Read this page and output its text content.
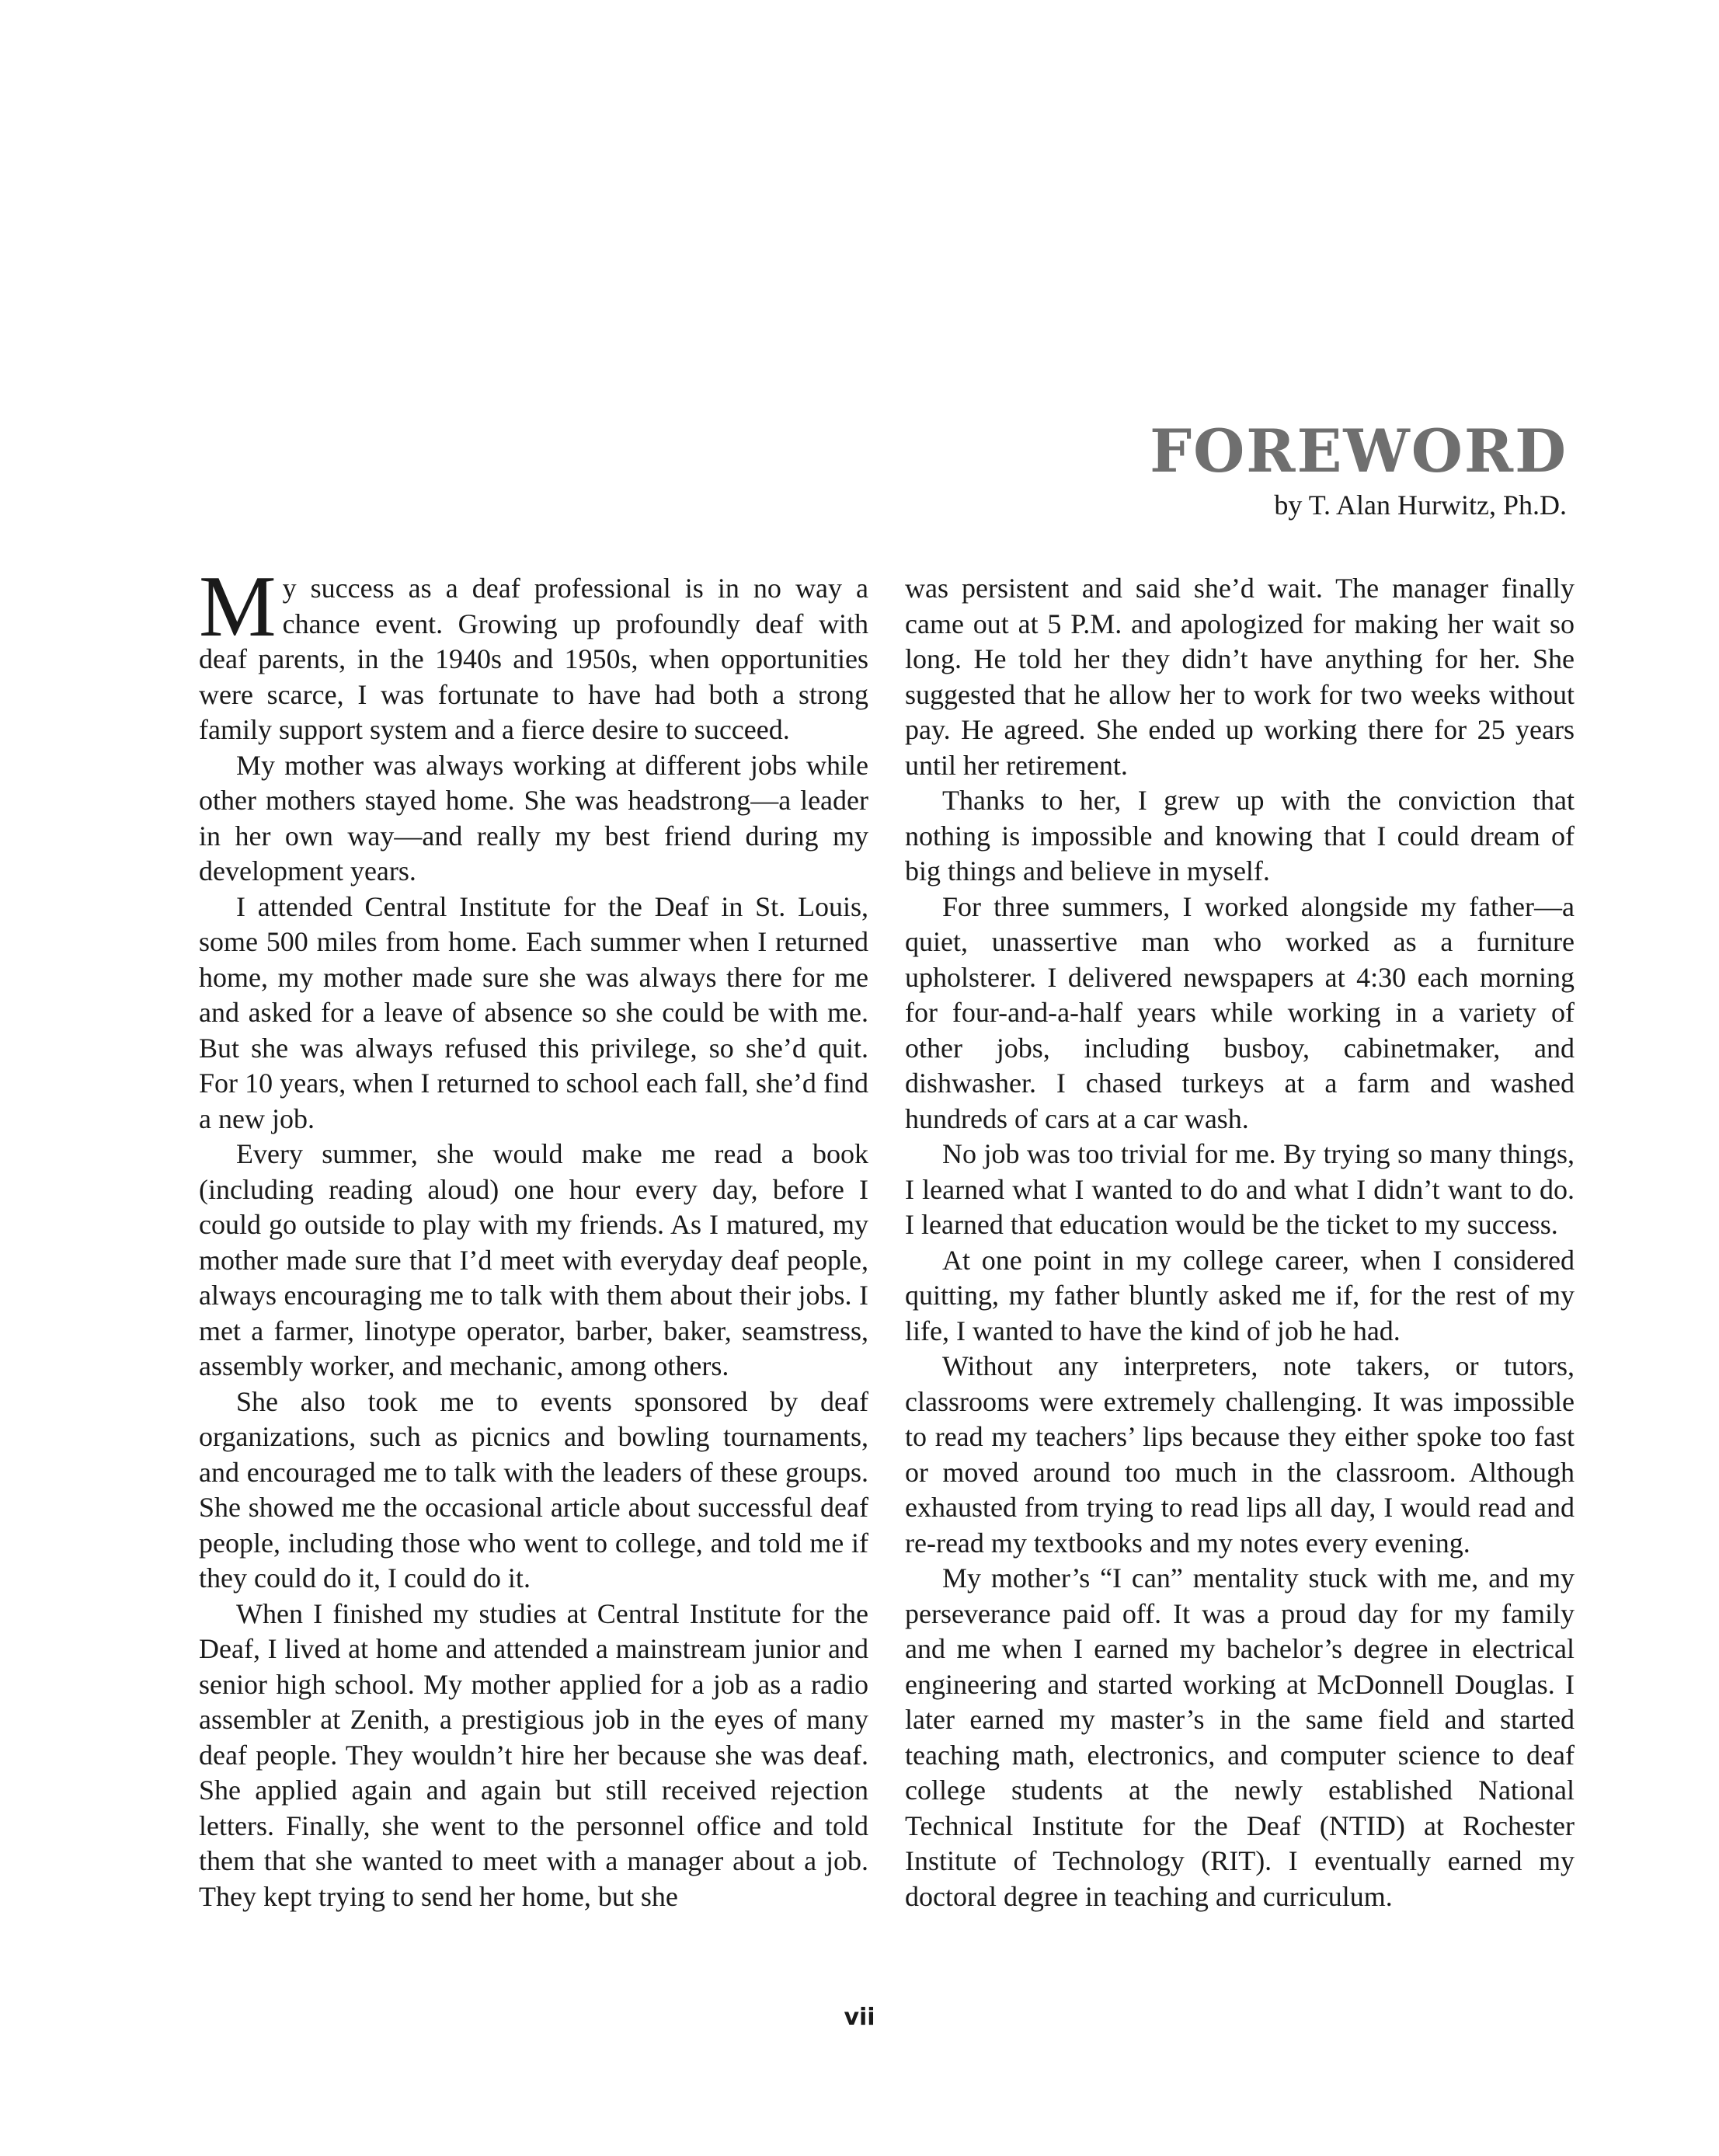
FOREWORD
by T. Alan Hurwitz, Ph.D.

My success as a deaf professional is in no way a chance event. Growing up profoundly deaf with deaf parents, in the 1940s and 1950s, when opportunities were scarce, I was fortunate to have had both a strong family support system and a fierce desire to succeed.

My mother was always working at different jobs while other mothers stayed home. She was headstrong—a leader in her own way—and really my best friend during my development years.

I attended Central Institute for the Deaf in St. Louis, some 500 miles from home. Each summer when I returned home, my mother made sure she was always there for me and asked for a leave of absence so she could be with me. But she was always refused this privilege, so she’d quit. For 10 years, when I returned to school each fall, she’d find a new job.

Every summer, she would make me read a book (including reading aloud) one hour every day, before I could go outside to play with my friends. As I matured, my mother made sure that I’d meet with everyday deaf people, always encouraging me to talk with them about their jobs. I met a farmer, linotype operator, barber, baker, seamstress, assembly worker, and mechanic, among others.

She also took me to events sponsored by deaf organizations, such as picnics and bowling tournaments, and encouraged me to talk with the leaders of these groups. She showed me the occasional article about successful deaf people, including those who went to college, and told me if they could do it, I could do it.

When I finished my studies at Central Institute for the Deaf, I lived at home and attended a mainstream junior and senior high school. My mother applied for a job as a radio assembler at Zenith, a prestigious job in the eyes of many deaf people. They wouldn’t hire her because she was deaf. She applied again and again but still received rejection letters. Finally, she went to the personnel office and told them that she wanted to meet with a manager about a job. They kept trying to send her home, but she

was persistent and said she’d wait. The manager finally came out at 5 P.M. and apologized for making her wait so long. He told her they didn’t have anything for her. She suggested that he allow her to work for two weeks without pay. He agreed. She ended up working there for 25 years until her retirement.

Thanks to her, I grew up with the conviction that nothing is impossible and knowing that I could dream of big things and believe in myself.

For three summers, I worked alongside my father—a quiet, unassertive man who worked as a furniture upholsterer. I delivered newspapers at 4:30 each morning for four-and-a-half years while working in a variety of other jobs, including busboy, cabinetmaker, and dishwasher. I chased turkeys at a farm and washed hundreds of cars at a car wash.

No job was too trivial for me. By trying so many things, I learned what I wanted to do and what I didn’t want to do. I learned that education would be the ticket to my success.

At one point in my college career, when I considered quitting, my father bluntly asked me if, for the rest of my life, I wanted to have the kind of job he had.

Without any interpreters, note takers, or tutors, classrooms were extremely challenging. It was impossible to read my teachers’ lips because they either spoke too fast or moved around too much in the classroom. Although exhausted from trying to read lips all day, I would read and re-read my textbooks and my notes every evening.

My mother’s “I can” mentality stuck with me, and my perseverance paid off. It was a proud day for my family and me when I earned my bachelor’s degree in electrical engineering and started working at McDonnell Douglas. I later earned my master’s in the same field and started teaching math, electronics, and computer science to deaf college students at the newly established National Technical Institute for the Deaf (NTID) at Rochester Institute of Technology (RIT). I eventually earned my doctoral degree in teaching and curriculum.

vii
